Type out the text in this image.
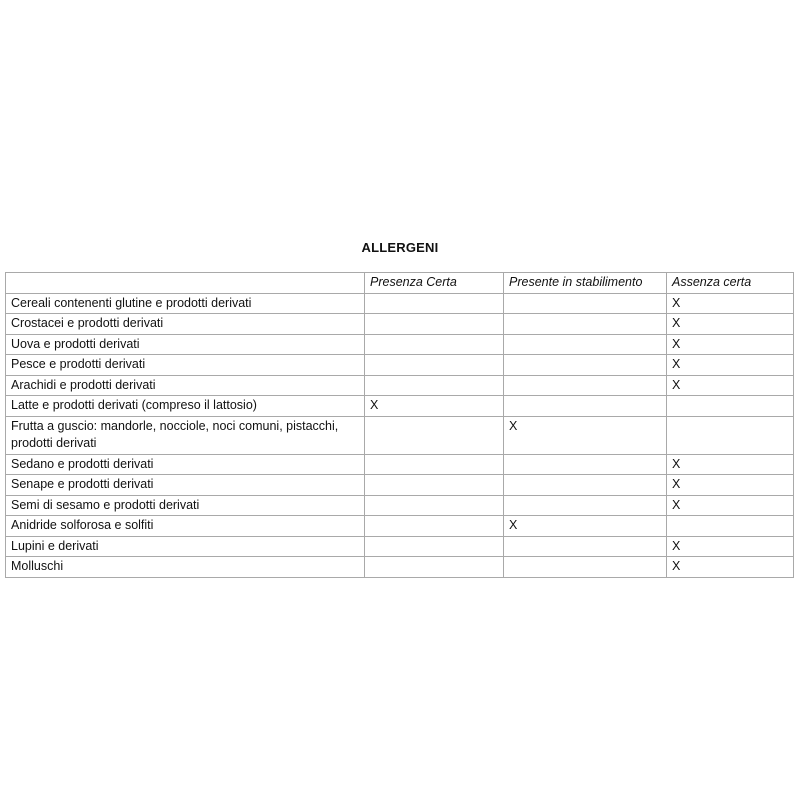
ALLERGENI
	Presenza Certa	Presente in stabilimento	Assenza certa
Cereali contenenti glutine e prodotti derivati			X
Crostacei e prodotti derivati			X
Uova e prodotti derivati			X
Pesce e prodotti derivati			X
Arachidi e prodotti derivati			X
Latte e prodotti derivati (compreso il lattosio)	X		
Frutta a guscio: mandorle, nocciole, noci comuni, pistacchi, prodotti derivati		X	
Sedano e prodotti derivati			X
Senape e prodotti derivati			X
Semi di sesamo e prodotti derivati			X
Anidride solforosa e solfiti		X	
Lupini e derivati			X
Molluschi			X
